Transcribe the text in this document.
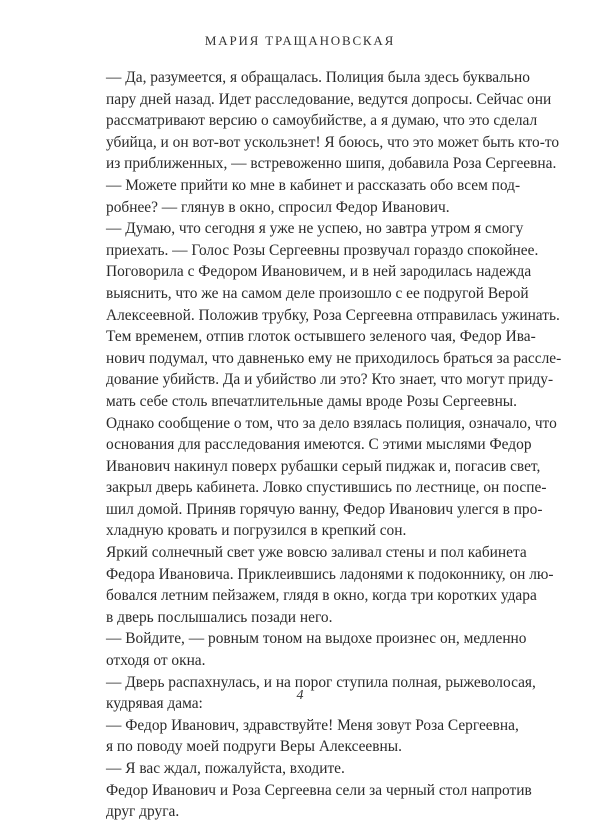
МАРИЯ ТРАЩАНОВСКАЯ

— Да, разумеется, я обращалась. Полиция была здесь буквально
пару дней назад. Идет расследование, ведутся допросы. Сейчас они
рассматривают версию о самоубийстве, а я думаю, что это сделал
убийца, и он вот-вот ускользнет! Я боюсь, что это может быть кто-то
из приближенных, — встревоженно шипя, добавила Роза Сергеевна.

— Можете прийти ко мне в кабинет и рассказать обо всем под-
робнее? — глянув в окно, спросил Федор Иванович.

— Думаю, что сегодня я уже не успею, но завтра утром я смогу
приехать. — Голос Розы Сергеевны прозвучал гораздо спокойнее.

Поговорила с Федором Ивановичем, и в ней зародилась надежда
выяснить, что же на самом деле произошло с ее подругой Верой
Алексеевной. Положив трубку, Роза Сергеевна отправилась ужинать.

Тем временем, отпив глоток остывшего зеленого чая, Федор Ива-
нович подумал, что давненько ему не приходилось браться за рассле-
дование убийств. Да и убийство ли это? Кто знает, что могут приду-
мать себе столь впечатлительные дамы вроде Розы Сергеевны.
Однако сообщение о том, что за дело взялась полиция, означало, что
основания для расследования имеются. С этими мыслями Федор
Иванович накинул поверх рубашки серый пиджак и, погасив свет,
закрыл дверь кабинета. Ловко спустившись по лестнице, он поспе-
шил домой. Приняв горячую ванну, Федор Иванович улегся в про-
хладную кровать и погрузился в крепкий сон.

Яркий солнечный свет уже вовсю заливал стены и пол кабинета
Федора Ивановича. Приклеившись ладонями к подоконнику, он лю-
бовался летним пейзажем, глядя в окно, когда три коротких удара
в дверь послышались позади него.

— Войдите, — ровным тоном на выдохе произнес он, медленно
отходя от окна.

— Дверь распахнулась, и на порог ступила полная, рыжеволосая,
кудрявая дама:

— Федор Иванович, здравствуйте! Меня зовут Роза Сергеевна,
я по поводу моей подруги Веры Алексеевны.

— Я вас ждал, пожалуйста, входите.

Федор Иванович и Роза Сергеевна сели за черный стол напротив
друг друга.

4
